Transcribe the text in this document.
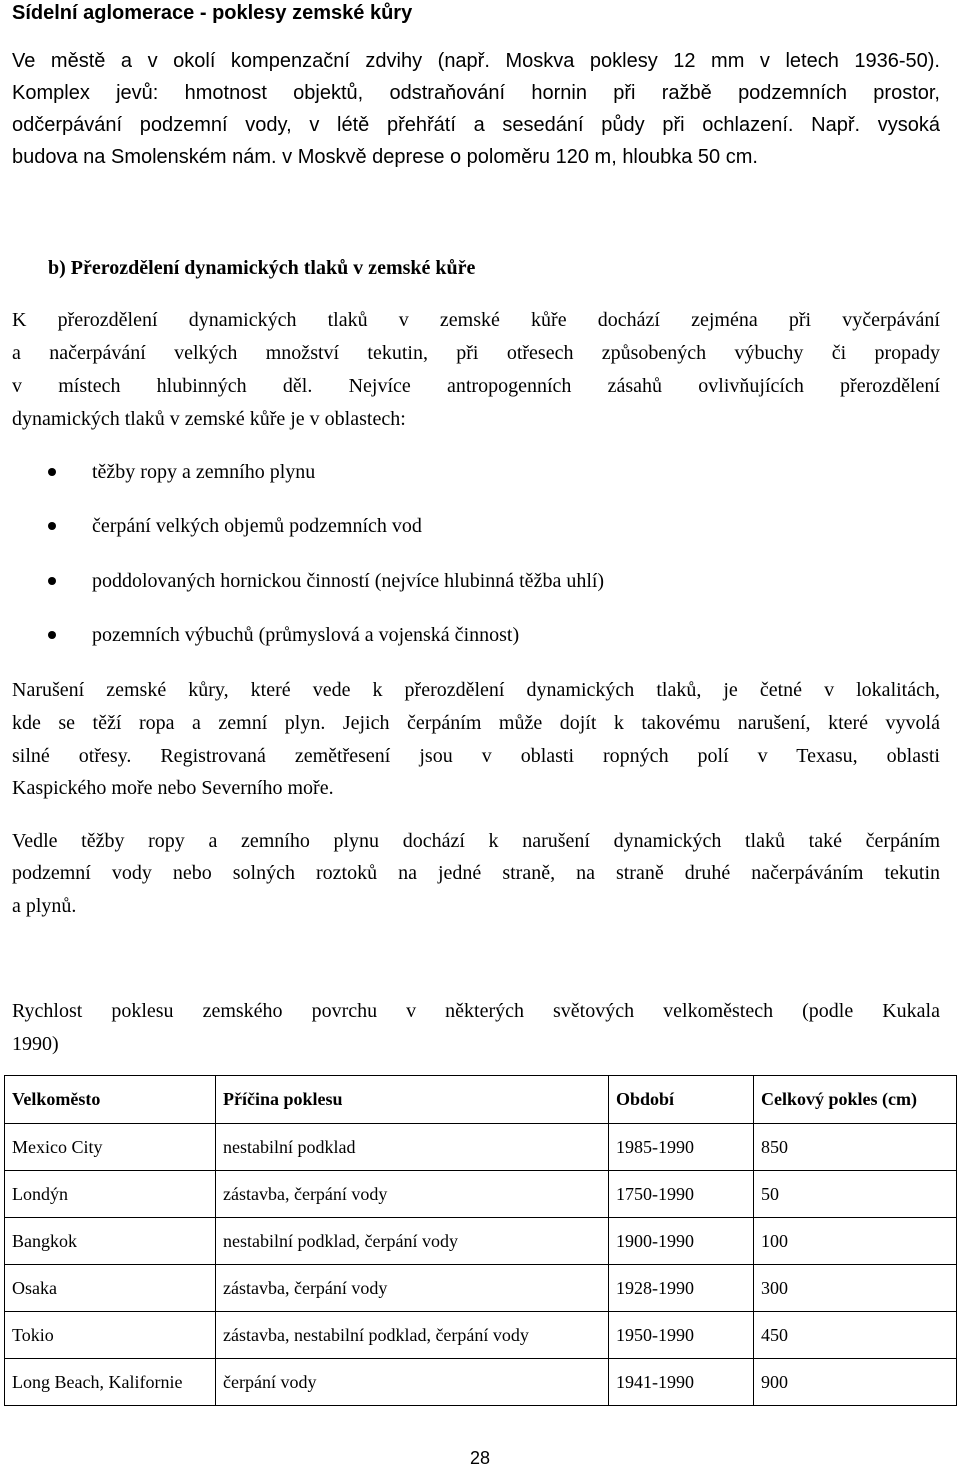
Sídelní aglomerace - poklesy zemské kůry
Ve městě a v okolí kompenzační zdvihy (např. Moskva poklesy 12 mm v letech 1936-50).
Komplex jevů: hmotnost objektů, odstraňování hornin při ražbě podzemních prostor,
odčerpávání podzemní vody, v létě přehřátí a sesedání půdy při ochlazení. Např. vysoká
budova na Smolenském nám. v Moskvě deprese o poloměru 120 m, hloubka 50 cm.
b) Přerozdělení dynamických tlaků v zemské kůře
K přerozdělení dynamických tlaků v zemské kůře dochází zejména při vyčerpávání
a načerpávání velkých množství tekutin, při otřesech způsobených výbuchy či propady
v místech hlubinných děl. Nejvíce antropogenních zásahů ovlivňujících přerozdělení
dynamických tlaků v zemské kůře je v oblastech:
těžby ropy a zemního plynu
čerpání velkých objemů podzemních vod
poddolovaných hornickou činností (nejvíce hlubinná těžba uhlí)
pozemních výbuchů (průmyslová a vojenská činnost)
Narušení zemské kůry, které vede k přerozdělení dynamických tlaků, je četné v lokalitách,
kde se těží ropa a zemní plyn. Jejich čerpáním může dojít k takovému narušení, které vyvolá
silné otřesy. Registrovaná zemětřesení jsou v oblasti ropných polí v Texasu, oblasti
Kaspického moře nebo Severního moře.
Vedle těžby ropy a zemního plynu dochází k narušení dynamických tlaků také čerpáním
podzemní vody nebo solných roztoků na jedné straně, na straně druhé načerpáváním tekutin
a plynů.
Rychlost poklesu zemského povrchu v některých světových velkoměstech (podle Kukala
1990)
Velkoměsto	Příčina poklesu	Období	Celkový pokles (cm)
Mexico City	nestabilní podklad	1985-1990	850
Londýn	zástavba, čerpání vody	1750-1990	50
Bangkok	nestabilní podklad, čerpání vody	1900-1990	100
Osaka	zástavba, čerpání vody	1928-1990	300
Tokio	zástavba, nestabilní podklad, čerpání vody	1950-1990	450
Long Beach, Kalifornie	čerpání vody	1941-1990	900
28
